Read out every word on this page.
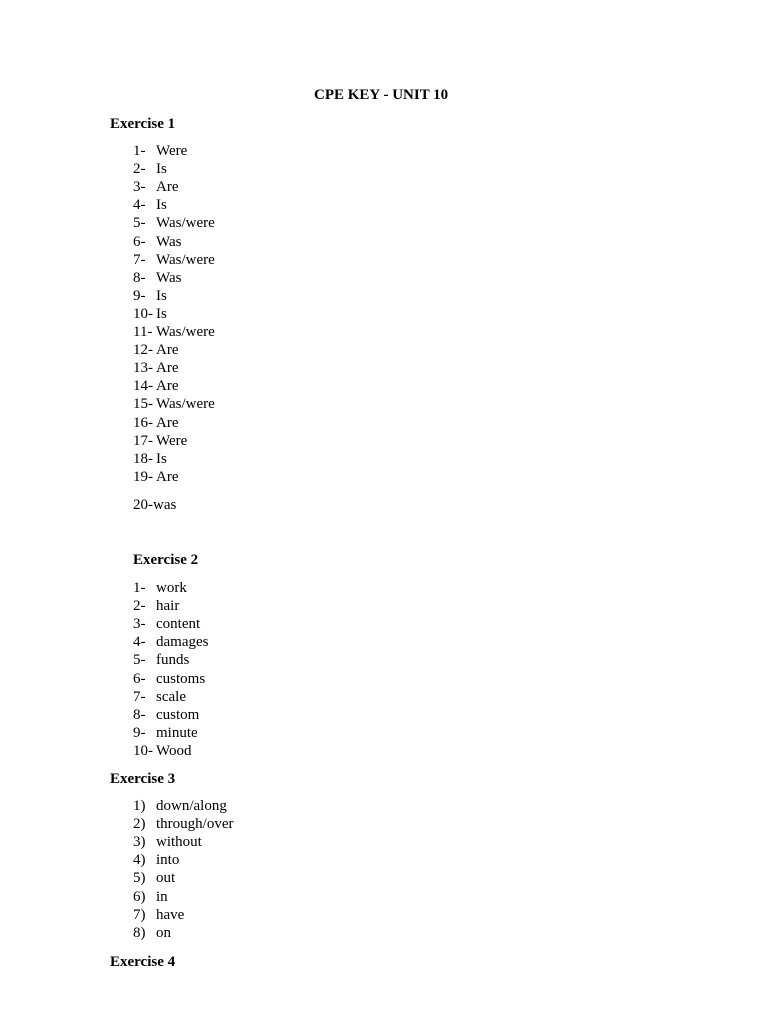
CPE KEY - UNIT 10
Exercise 1
1- Were
2- Is
3- Are
4- Is
5- Was/were
6- Was
7- Was/were
8- Was
9- Is
10- Is
11- Was/were
12- Are
13- Are
14- Are
15- Was/were
16- Are
17- Were
18- Is
19- Are
20-was
Exercise 2
1- work
2- hair
3- content
4- damages
5- funds
6- customs
7- scale
8- custom
9- minute
10- Wood
Exercise 3
1) down/along
2) through/over
3) without
4) into
5) out
6) in
7) have
8) on
Exercise 4
